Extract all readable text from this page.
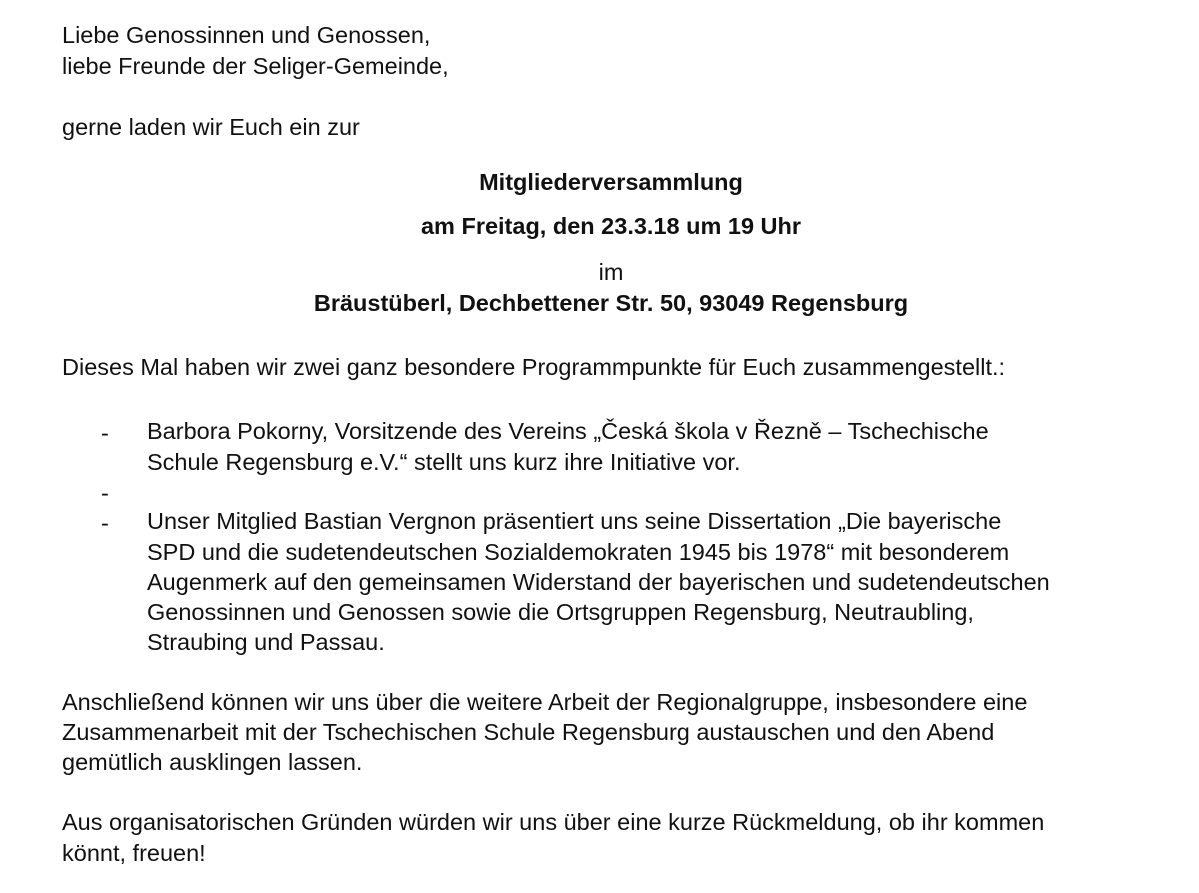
Liebe Genossinnen und Genossen,
liebe Freunde der Seliger-Gemeinde,
gerne laden wir Euch ein zur
Mitgliederversammlung
am Freitag, den 23.3.18 um 19 Uhr
im
Bräustüberl, Dechbettener Str. 50, 93049 Regensburg
Dieses Mal haben wir zwei ganz besondere Programmpunkte für Euch zusammengestellt.:
-	Barbora Pokorny, Vorsitzende des Vereins „Česká škola v Řezně – Tschechische
Schule Regensburg e.V.“ stellt uns kurz ihre Initiative vor.
-
-	Unser Mitglied Bastian Vergnon präsentiert uns seine Dissertation „Die bayerische
SPD und die sudetendeutschen Sozialdemokraten 1945 bis 1978“ mit besonderem
Augenmerk auf den gemeinsamen Widerstand der bayerischen und sudetendeutschen
Genossinnen und Genossen sowie die Ortsgruppen Regensburg, Neutraubling,
Straubing und Passau.
Anschließend können wir uns über die weitere Arbeit der Regionalgruppe, insbesondere eine
Zusammenarbeit mit der Tschechischen Schule Regensburg austauschen und den Abend
gemütlich ausklingen lassen.
Aus organisatorischen Gründen würden wir uns über eine kurze Rückmeldung, ob ihr kommen
könnt, freuen!
